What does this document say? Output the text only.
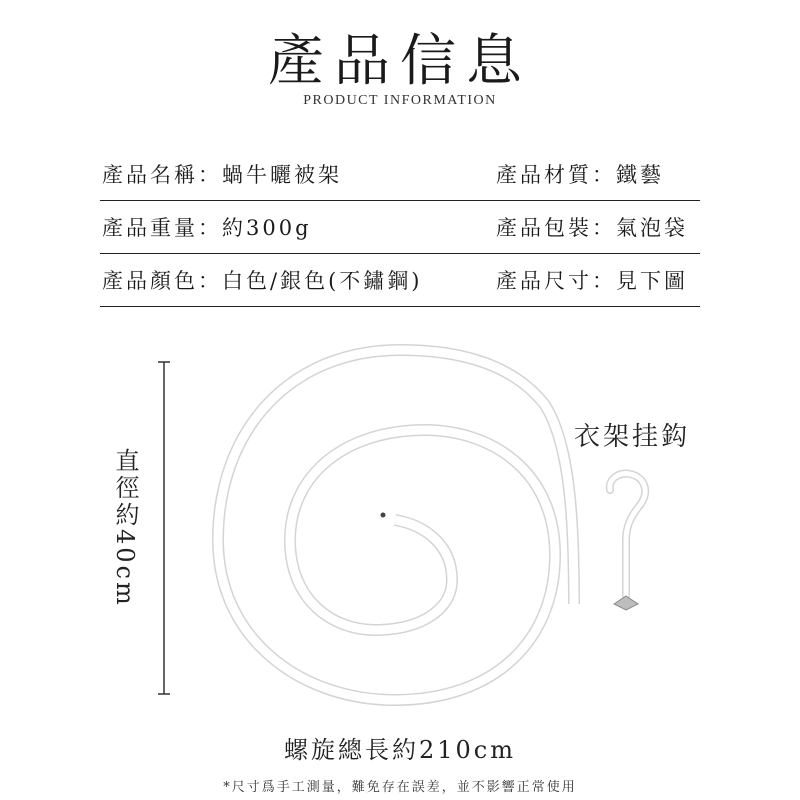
產品信息
PRODUCT INFORMATION
產品名稱：蝸牛曬被架	產品材質：鐵藝
產品重量：約300g	產品包裝：氣泡袋
產品顏色：白色/銀色(不鏽鋼)	產品尺寸：見下圖
直徑約40cm
衣架挂鈎
螺旋總長約210cm
*尺寸爲手工測量，難免存在誤差，並不影響正常使用
